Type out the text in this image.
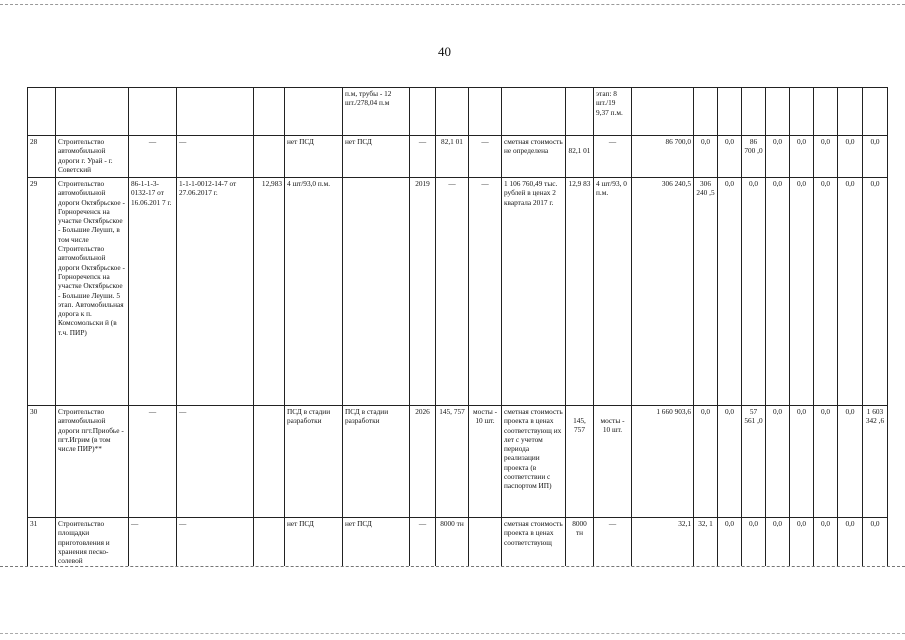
40
						п.м, трубы - 12 шт./278,04 п.м						этап: 8 шт./19 9,37 п.м.									
28	Строительство автомобильной дороги г. Урай - г. Советский	—	—		нет ПСД	нет ПСД	—	82,1 01	—	сметная стоимость не определена	82,1 01	—	86 700,0	0,0	0,0	86 700 ,0	0,0	0,0	0,0	0,0	0,0
29	Строительство автомобильной дороги Октябрьское - Горнореченск на участке Октябрьское - Большие Леушп, в том числе Строительство автомобильной дороги Октябрьское - Горноречепск на участке Октябрьское - Большие Леуши. 5 этап. Автомобильная дорога к п. Комсомольски й (в т.ч. ПИР)	86-1-1-3-0132-17 от 16.06.201 7 г.	1-1-1-0012-14-7 от 27.06.2017 г.	12,983	4 шт/93,0 п.м.		2019	—	—	1 106 760,49 тыс. рублей в ценах 2 квартала 2017 г.	12,9 83	4 шт/93, 0 п.м.	306 240,5	306 240 ,5	0,0	0,0	0,0	0,0	0,0	0,0	0,0
30	Строительство автомобильной дороги пгт.Приобье - пгт.Игрим (в том числе ПИР)**	—	—		ПСД в стадии разработки	ПСД в стадии разработки	2026	145, 757	мосты - 10 шт.	сметная стоимость проекта в ценах соответствующ их лет с учетом периода реализации проекта (в соответствии с паспортом ИП)	145, 757	мосты - 10 шт.	1 660 903,6	0,0	0,0	57 561 ,0	0,0	0,0	0,0	0,0	1 603 342 ,6
31	Строительство площадки приготовления и хранения песко-солевой	—	—		нет ПСД	нет ПСД	—	8000 тн		сметная стоимость проекта в ценах соответствующ	8000 тн	—	32,1	32, 1	0,0	0,0	0,0	0,0	0,0	0,0	0,0
